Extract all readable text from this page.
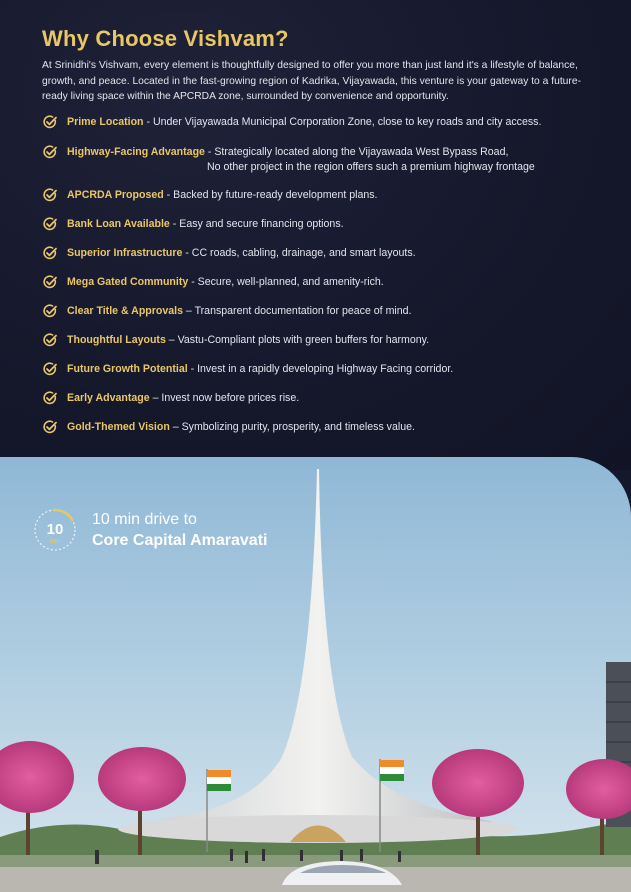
Why Choose Vishvam?
At Srinidhi's Vishvam, every element is thoughtfully designed to offer you more than just land it's a lifestyle of balance, growth, and peace. Located in the fast-growing region of Kadrika, Vijayawada, this venture is your gateway to a future-ready living space within the APCRDA zone, surrounded by convenience and opportunity.
Prime Location - Under Vijayawada Municipal Corporation Zone, close to key roads and city access.
Highway-Facing Advantage - Strategically located along the Vijayawada West Bypass Road,
No other project in the region offers such a premium highway frontage
APCRDA Proposed - Backed by future-ready development plans.
Bank Loan Available - Easy and secure financing options.
Superior Infrastructure - CC roads, cabling, drainage, and smart layouts.
Mega Gated Community - Secure, well-planned, and amenity-rich.
Clear Title & Approvals – Transparent documentation for peace of mind.
Thoughtful Layouts – Vastu-Compliant plots with green buffers for harmony.
Future Growth Potential - Invest in a rapidly developing Highway Facing corridor.
Early Advantage – Invest now before prices rise.
Gold-Themed Vision – Symbolizing purity, prosperity, and timeless value.
10
min
10 min drive to
Core Capital Amaravati
